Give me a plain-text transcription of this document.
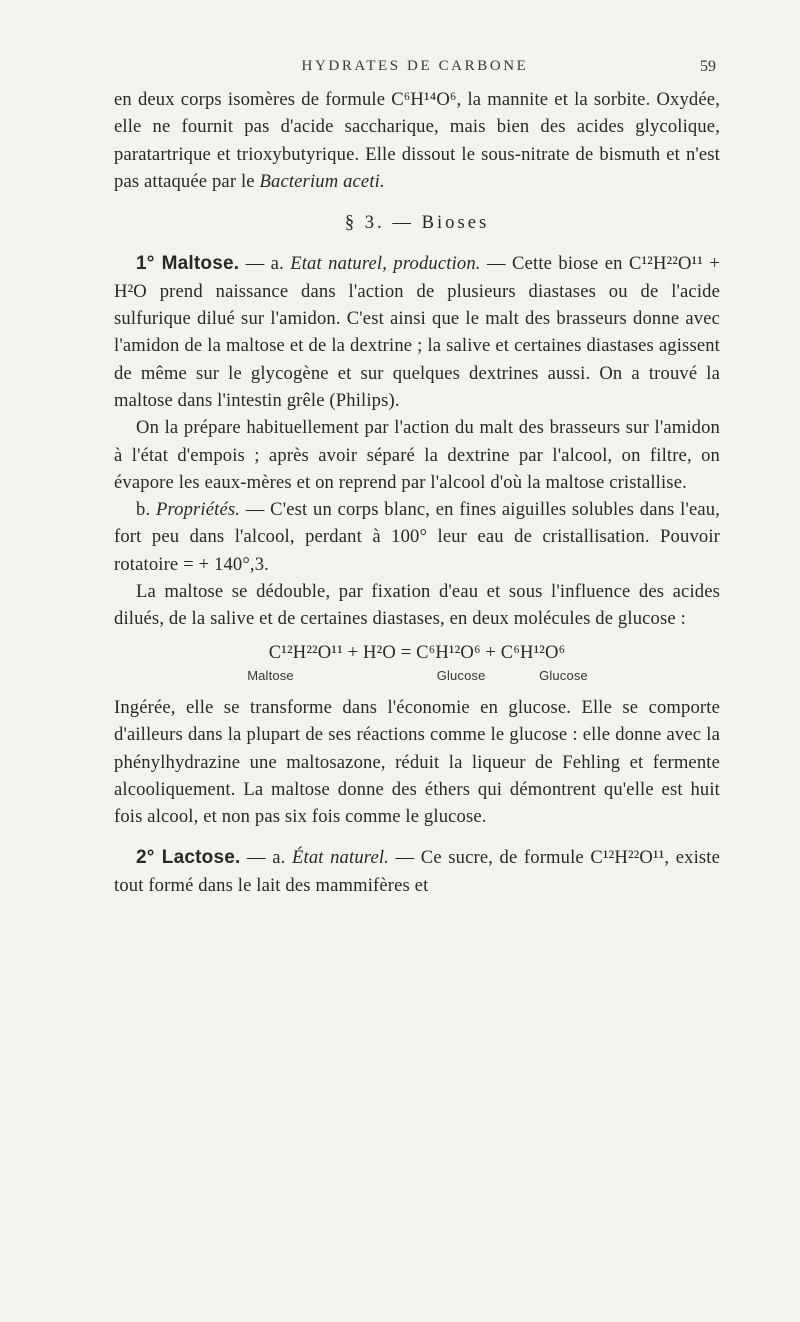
HYDRATES DE CARBONE	59

en deux corps isomères de formule C⁶H¹⁴O⁶, la mannite et la sorbite. Oxydée, elle ne fournit pas d'acide saccharique, mais bien des acides glycolique, paratartrique et trioxybutyrique. Elle dissout le sous-nitrate de bismuth et n'est pas attaquée par le Bacterium aceti.

§ 3. — Bioses

1° Maltose. — a. Etat naturel, production. — Cette biose en C¹²H²²O¹¹ + H²O prend naissance dans l'action de plusieurs diastases ou de l'acide sulfurique dilué sur l'amidon. C'est ainsi que le malt des brasseurs donne avec l'amidon de la maltose et de la dextrine ; la salive et certaines diastases agissent de même sur le glycogène et sur quelques dextrines aussi. On a trouvé la maltose dans l'intestin grêle (Philips).

On la prépare habituellement par l'action du malt des brasseurs sur l'amidon à l'état d'empois ; après avoir séparé la dextrine par l'alcool, on filtre, on évapore les eaux-mères et on reprend par l'alcool d'où la maltose cristallise.

b. Propriétés. — C'est un corps blanc, en fines aiguilles solubles dans l'eau, fort peu dans l'alcool, perdant à 100° leur eau de cristallisation. Pouvoir rotatoire = + 140°,3.

La maltose se dédouble, par fixation d'eau et sous l'influence des acides dilués, de la salive et de certaines diastases, en deux molécules de glucose :

C¹²H²²O¹¹ + H²O = C⁶H¹²O⁶ + C⁶H¹²O⁶
Maltose	Glucose	Glucose

Ingérée, elle se transforme dans l'économie en glucose. Elle se comporte d'ailleurs dans la plupart de ses réactions comme le glucose : elle donne avec la phénylhydrazine une maltosazone, réduit la liqueur de Fehling et fermente alcooliquement. La maltose donne des éthers qui démontrent qu'elle est huit fois alcool, et non pas six fois comme le glucose.

2° Lactose. — a. État naturel. — Ce sucre, de formule C¹²H²²O¹¹, existe tout formé dans le lait des mammifères et
